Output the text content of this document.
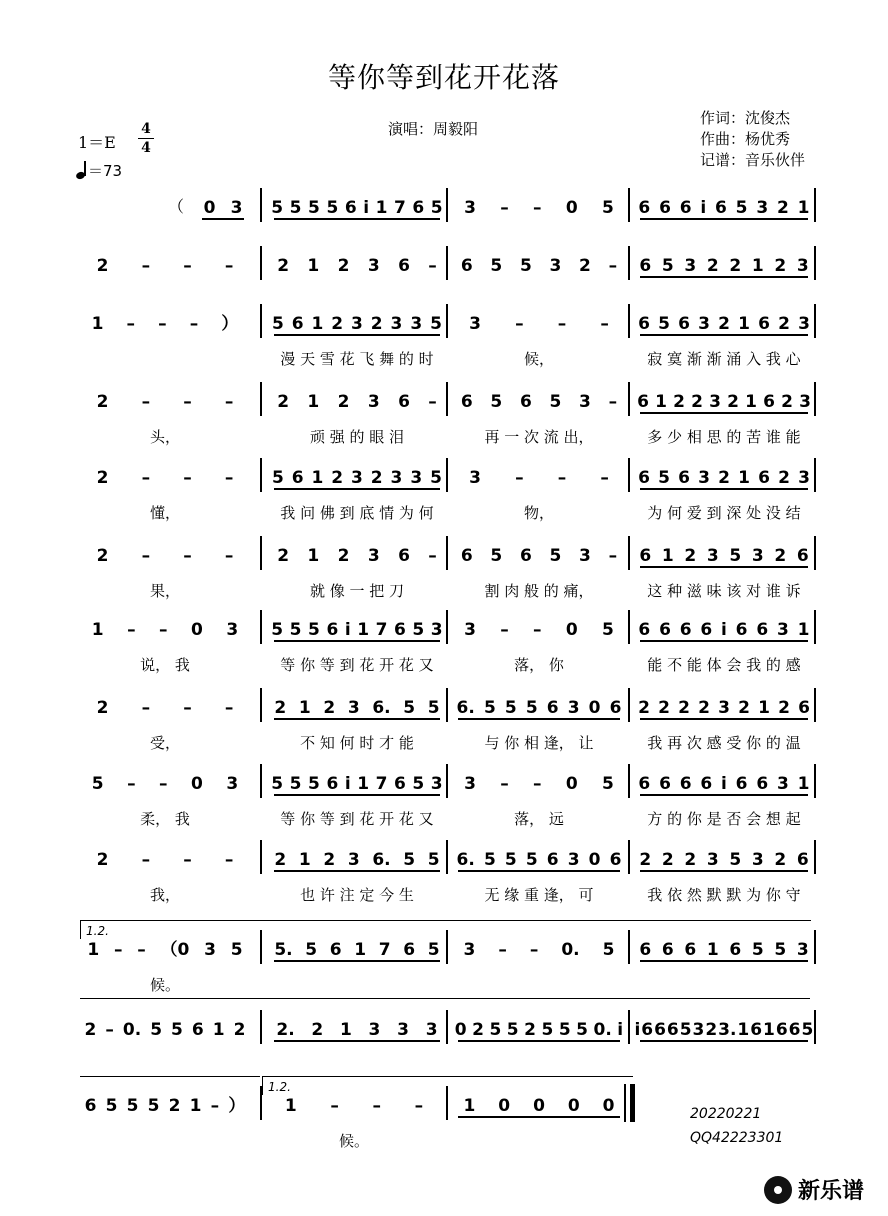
等你等到花开花落
演唱：周毅阳
作词：沈俊杰
作曲：杨优秀
记谱：音乐伙伴
1＝E
4
4
＝73
（ 0 3 5 5 5 5 6 i 1 7 6 5 3 – – 0 5 6 6 6 i 6 5 3 2 1
2 – – –	2 1 2 3 6 – 6 5 5 3 2 – 6 5 3 2 2 1 2 3
1 – – – ） 5 6 1 2 3 2 3 3 5 3 – – – 6 5 6 3 2 1 6 2 3
漫 天 雪 花 飞 舞 的 时	候，	寂 寞 渐 渐 涌 入 我 心
2 – – –	2 1 2 3 6 – 6 5 6 5 3 – 6 1 2 2 3 2 1 6 2 3
头，	顽 强 的 眼 泪	再 一 次 流 出，	多 少 相 思 的 苦 谁 能
2 – – – 5 6 1 2 3 2 3 3 5 3 – – – 6 5 6 3 2 1 6 2 3
懂，	我 问 佛 到 底 情 为 何	物，	为 何 爱 到 深 处 没 结
2 – – –	2 1 2 3 6 – 6 5 6 5 3 – 6 1 2 3 5 3 2 6
果，	就 像 一 把 刀	割 肉 般 的 痛，	这 种 滋 味 该 对 谁 诉
1 – – 0 3 5 5 5 6 i 1 7 6 5 3 3 – – 0 5 6 6 6 6 i 6 6 3 1
说， 我	等 你 等 到 花 开 花 又	落， 你	能 不 能 体 会 我 的 感
2 – – – 2 1 2 3 6. 5 5 6. 5 5 5 6 3 0 6 2 2 2 2 3 2 1 2 6
受，	不 知 何 时 才 能	与 你 相 逢， 让	我 再 次 感 受 你 的 温
5 – – 0 3 5 5 5 6 i 1 7 6 5 3 3 – – 0 5 6 6 6 6 i 6 6 3 1
柔， 我	等 你 等 到 花 开 花 又	落， 远	方 的 你 是 否 会 想 起
2 – – – 2 1 2 3 6. 5 5 6. 5 5 5 6 3 0 6 2 2 2 3 5 3 2 6
我，	也 许 注 定 今 生	无 缘 重 逢， 可	我 依 然 默 默 为 你 守
1 – – （0 3 5 5. 5 6 1 7 6 5 3 – – 0. 5 6 6 6 1 6 5 5 3
候。
2 – 0. 5 5 6 1 2 2. 2 1 3 3 3 0 2 5 5 2 5 5 5 0. i i 6 6 6 5 3 2 3. 1 6 1 6 6 5
6 5 5 5 2 1 – ） 1 – – – 1 0 0 0 0
候。
1.2.
1.2.
20220221
QQ42223301
新乐谱
